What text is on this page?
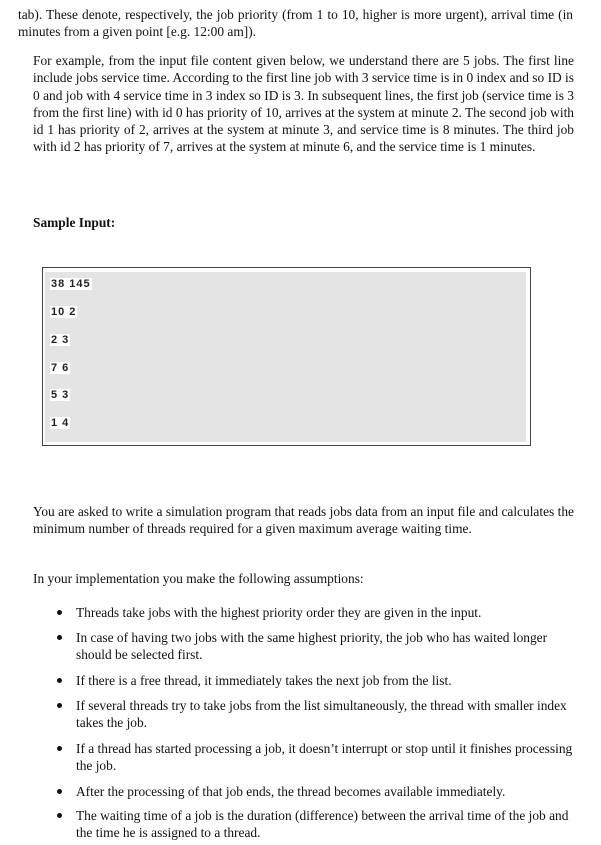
tab). These denote, respectively, the job priority (from 1 to 10, higher is more urgent), arrival time (in minutes from a given point [e.g. 12:00 am]).

For example, from the input file content given below, we understand there are 5 jobs. The first line include jobs service time. According to the first line job with 3 service time is in 0 index and so ID is 0 and job with 4 service time in 3 index so ID is 3. In subsequent lines, the first job (service time is 3 from the first line) with id 0 has priority of 10, arrives at the system at minute 2. The second job with id 1 has priority of 2, arrives at the system at minute 3, and service time is 8 minutes. The third job with id 2 has priority of 7, arrives at the system at minute 6, and the service time is 1 minutes.

Sample Input:
38 145
10 2
2 3
7 6
5 3
1 4

You are asked to write a simulation program that reads jobs data from an input file and calculates the minimum number of threads required for a given maximum average waiting time.

In your implementation you make the following assumptions:
Threads take jobs with the highest priority order they are given in the input.
In case of having two jobs with the same highest priority, the job who has waited longer should be selected first.
If there is a free thread, it immediately takes the next job from the list.
If several threads try to take jobs from the list simultaneously, the thread with smaller index takes the job.
If a thread has started processing a job, it doesn’t interrupt or stop until it finishes processing the job.
After the processing of that job ends, the thread becomes available immediately.
The waiting time of a job is the duration (difference) between the arrival time of the job and the time he is assigned to a thread.
